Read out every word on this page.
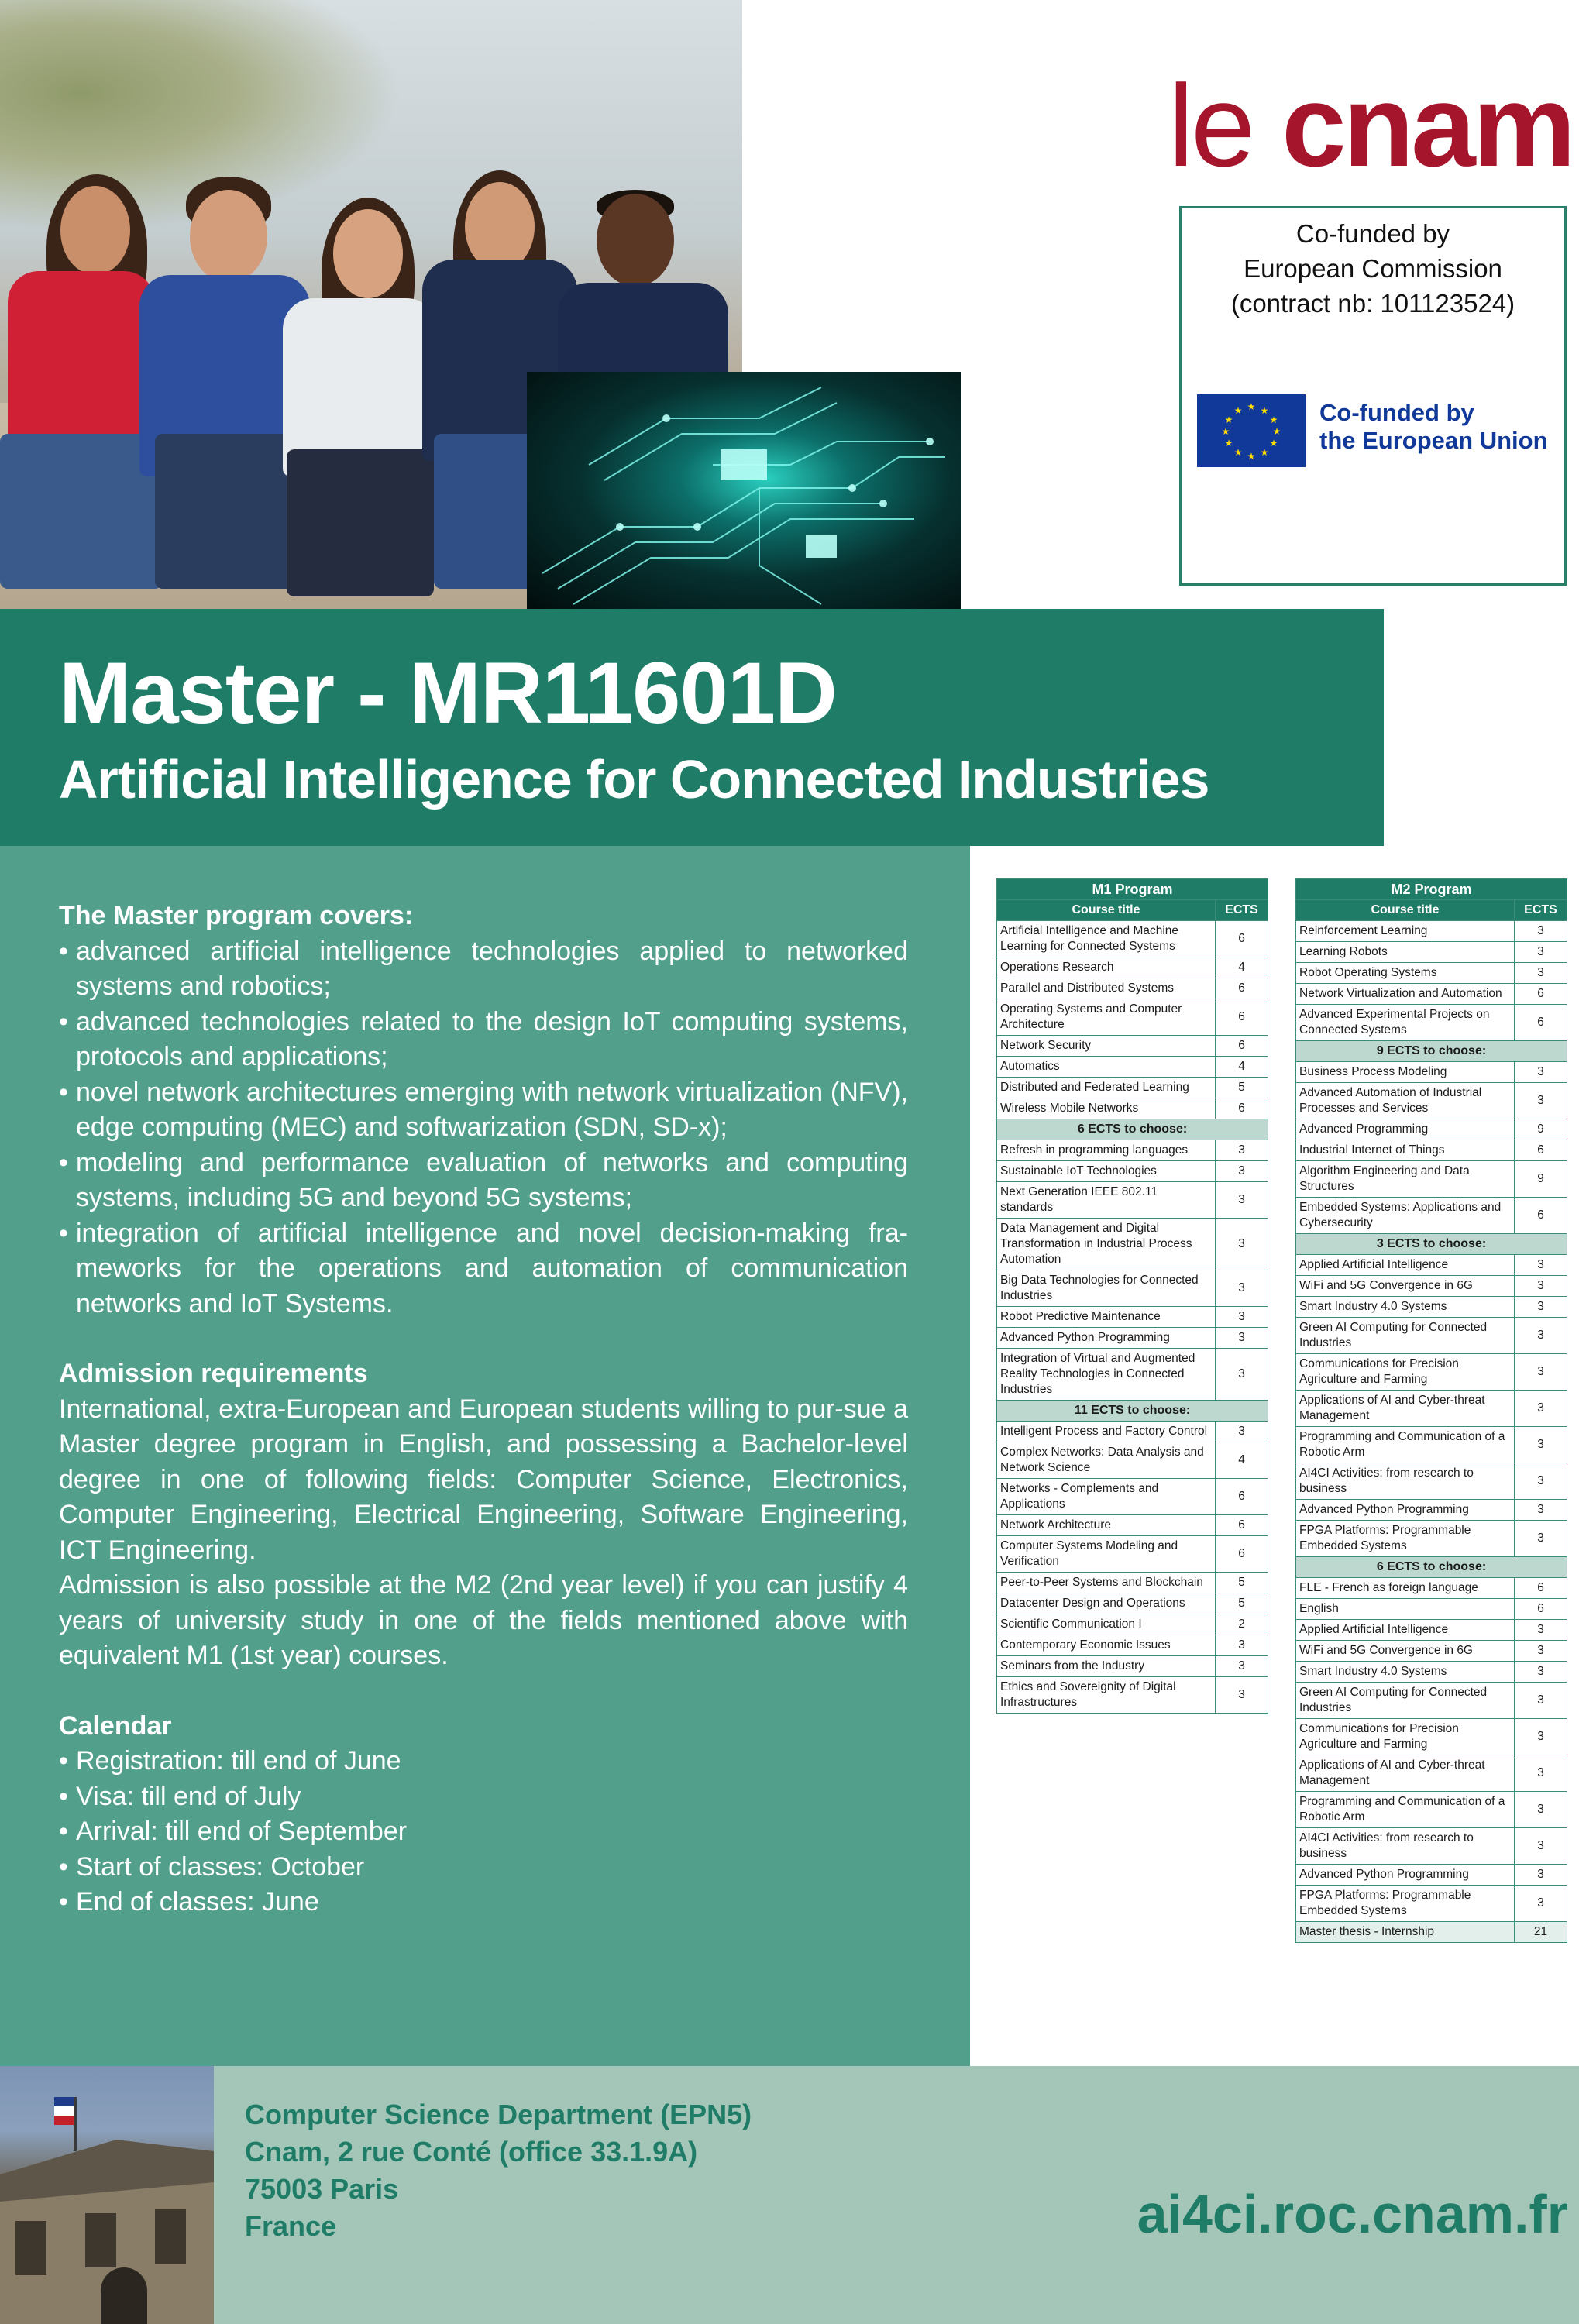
le cnam
Co-funded by
European Commission
(contract nb: 101123524)
★ ★
★
★
★
★
★
★
★
★
★
★	Co-funded by
the European Union
Master - MR11601D
Artificial Intelligence for Connected Industries
The Master program covers:
• advanced artificial intelligence technologies applied to networked systems and robotics;
• advanced technologies related to the design IoT computing systems, protocols and applications;
• novel network architectures emerging with network virtualization (NFV), edge computing (MEC) and softwarization (SDN, SD-x);
• modeling and performance evaluation of networks and computing systems, including 5G and beyond 5G systems;
• integration of artificial intelligence and novel decision-making fra-meworks for the operations and automation of communication networks and IoT Systems.
Admission requirements
International, extra-European and European students willing to pur-sue a Master degree program in English, and possessing a Bachelor-level degree in one of following fields: Computer Science, Electronics, Computer Engineering, Electrical Engineering, Software Engineering, ICT Engineering.
Admission is also possible at the M2 (2nd year level) if you can justify 4 years of university study in one of the fields mentioned above with equivalent M1 (1st year) courses.
Calendar
• Registration: till end of June
• Visa: till end of July
• Arrival: till end of September
• Start of classes: October
• End of classes: June
M1 Program	
Course title	ECTS
Artificial Intelligence and Machine Learning for Connected Systems	6
Operations Research	4
Parallel and Distributed Systems	6
Operating Systems and Computer Architecture	6
Network Security	6
Automatics	4
Distributed and Federated Learning	5
Wireless Mobile Networks	6
6 ECTS to choose:	
Refresh in programming languages	3
Sustainable IoT Technologies	3
Next Generation IEEE 802.11 standards	3
Data Management and Digital Transformation in Industrial Process Automation	3
Big Data Technologies for Connected Industries	3
Robot Predictive Maintenance	3
Advanced Python Programming	3
Integration of Virtual and Augmented Reality Technologies in Connected Industries	3
11 ECTS to choose:	
Intelligent Process and Factory Control	3
Complex Networks: Data Analysis and Network Science	4
Networks - Complements and Applications	6
Network Architecture	6
Computer Systems Modeling and Verification	6
Peer-to-Peer Systems and Blockchain	5
Datacenter Design and Operations	5
Scientific Communication I	2
Contemporary Economic Issues	3
Seminars from the Industry	3
Ethics and Sovereignity of Digital Infrastructures	3
M2 Program	
Course title	ECTS
Reinforcement Learning	3
Learning Robots	3
Robot Operating Systems	3
Network Virtualization and Automation	6
Advanced Experimental Projects on Connected Systems	6
9 ECTS to choose:	
Business Process Modeling	3
Advanced Automation of Industrial Processes and Services	3
Advanced Programming	9
Industrial Internet of Things	6
Algorithm Engineering and Data Structures	9
Embedded Systems: Applications and Cybersecurity	6
3 ECTS to choose:	
Applied Artificial Intelligence	3
WiFi and 5G Convergence in 6G	3
Smart Industry 4.0 Systems	3
Green AI Computing for Connected Industries	3
Communications for Precision Agriculture and Farming	3
Applications of AI and Cyber-threat Management	3
Programming and Communication of a Robotic Arm	3
AI4CI Activities: from research to business	3
Advanced Python Programming	3
FPGA Platforms: Programmable Embedded Systems	3
6 ECTS to choose:	
FLE - French as foreign language	6
English	6
Applied Artificial Intelligence	3
WiFi and 5G Convergence in 6G	3
Smart Industry 4.0 Systems	3
Green AI Computing for Connected Industries	3
Communications for Precision Agriculture and Farming	3
Applications of AI and Cyber-threat Management	3
Programming and Communication of a Robotic Arm	3
AI4CI Activities: from research to business	3
Advanced Python Programming	3
FPGA Platforms: Programmable Embedded Systems	3
Master thesis - Internship	21
Computer Science Department (EPN5)
Cnam, 2 rue Conté (office 33.1.9A)
75003 Paris
France	ai4ci.roc.cnam.fr
